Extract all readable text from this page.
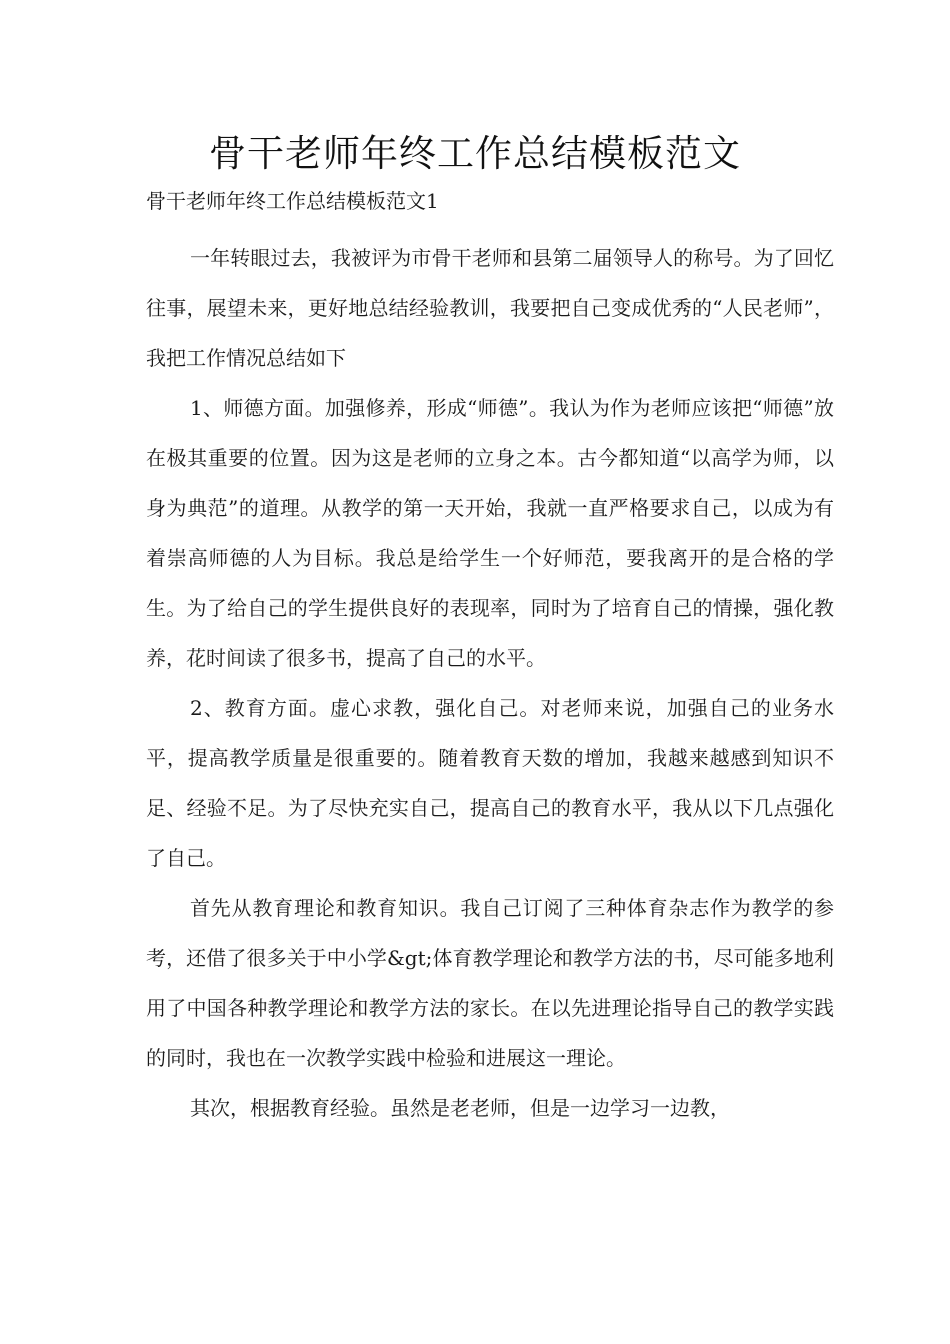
骨干老师年终工作总结模板范文
骨干老师年终工作总结模板范文1

一年转眼过去，我被评为市骨干老师和县第二届领导人的称号。为了回忆往事，展望未来，更好地总结经验教训，我要把自己变成优秀的“人民老师”，我把工作情况总结如下

1、师德方面。加强修养，形成“师德”。我认为作为老师应该把“师德”放在极其重要的位置。因为这是老师的立身之本。古今都知道“以高学为师，以身为典范”的道理。从教学的第一天开始，我就一直严格要求自己，以成为有着崇高师德的人为目标。我总是给学生一个好师范，要我离开的是合格的学生。为了给自己的学生提供良好的表现率，同时为了培育自己的情操，强化教养，花时间读了很多书，提高了自己的水平。

2、教育方面。虚心求教，强化自己。对老师来说，加强自己的业务水平，提高教学质量是很重要的。随着教育天数的增加，我越来越感到知识不足、经验不足。为了尽快充实自己，提高自己的教育水平，我从以下几点强化了自己。

首先从教育理论和教育知识。我自己订阅了三种体育杂志作为教学的参考，还借了很多关于中小学&gt;体育教学理论和教学方法的书，尽可能多地利用了中国各种教学理论和教学方法的家长。在以先进理论指导自己的教学实践的同时，我也在一次教学实践中检验和进展这一理论。

其次，根据教育经验。虽然是老老师，但是一边学习一边教，
